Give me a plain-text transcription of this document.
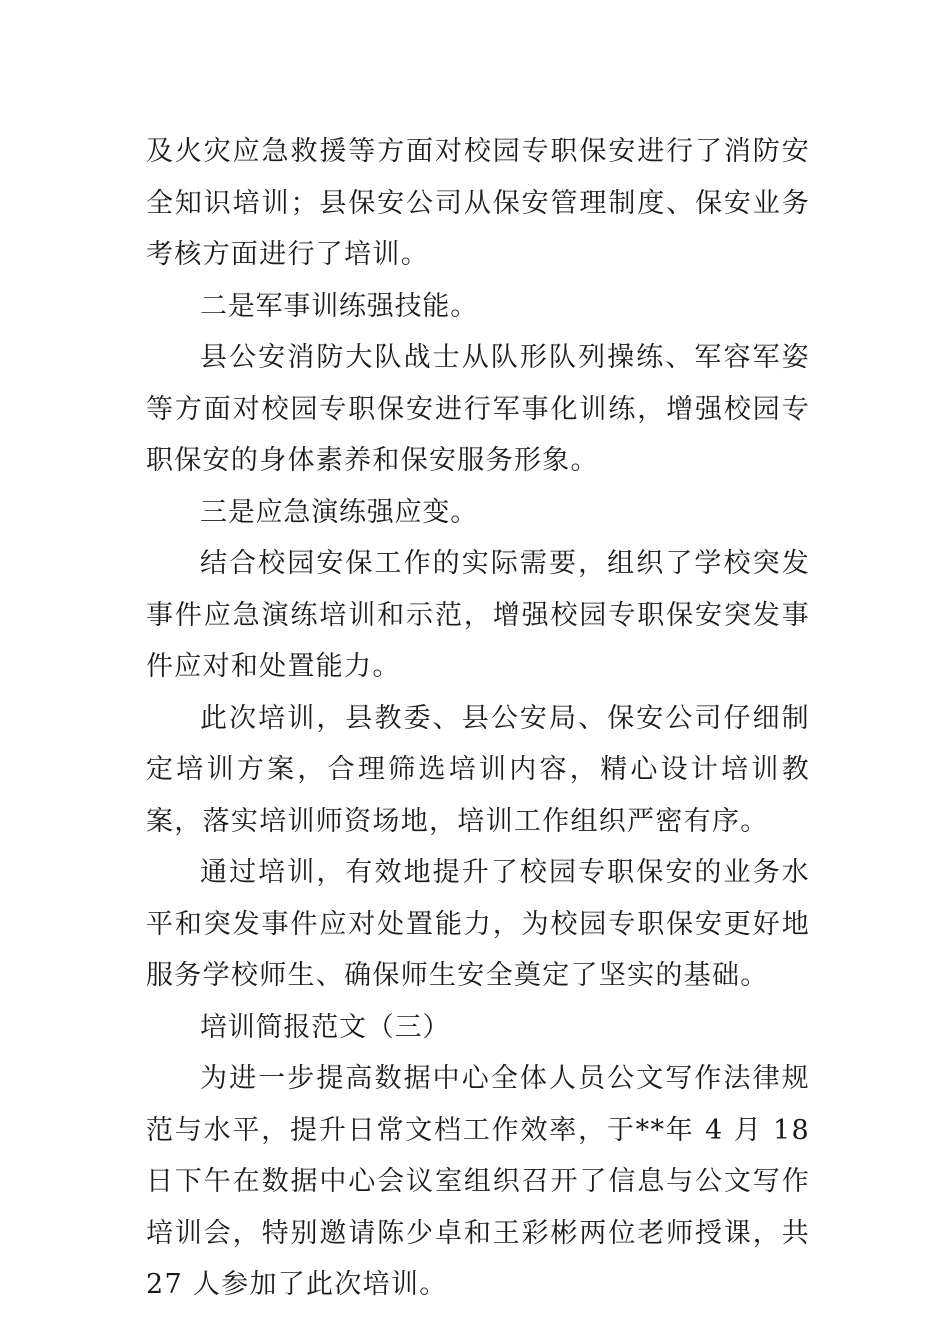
及火灾应急救援等方面对校园专职保安进行了消防安全知识培训；县保安公司从保安管理制度、保安业务考核方面进行了培训。

二是军事训练强技能。

县公安消防大队战士从队形队列操练、军容军姿等方面对校园专职保安进行军事化训练，增强校园专职保安的身体素养和保安服务形象。

三是应急演练强应变。

结合校园安保工作的实际需要，组织了学校突发事件应急演练培训和示范，增强校园专职保安突发事件应对和处置能力。

此次培训，县教委、县公安局、保安公司仔细制定培训方案，合理筛选培训内容，精心设计培训教案，落实培训师资场地，培训工作组织严密有序。

通过培训，有效地提升了校园专职保安的业务水平和突发事件应对处置能力，为校园专职保安更好地服务学校师生、确保师生安全奠定了坚实的基础。

培训简报范文（三）

为进一步提高数据中心全体人员公文写作法律规范与水平，提升日常文档工作效率，于**年 4 月 18 日下午在数据中心会议室组织召开了信息与公文写作培训会，特别邀请陈少卓和王彩彬两位老师授课，共 27 人参加了此次培训。
